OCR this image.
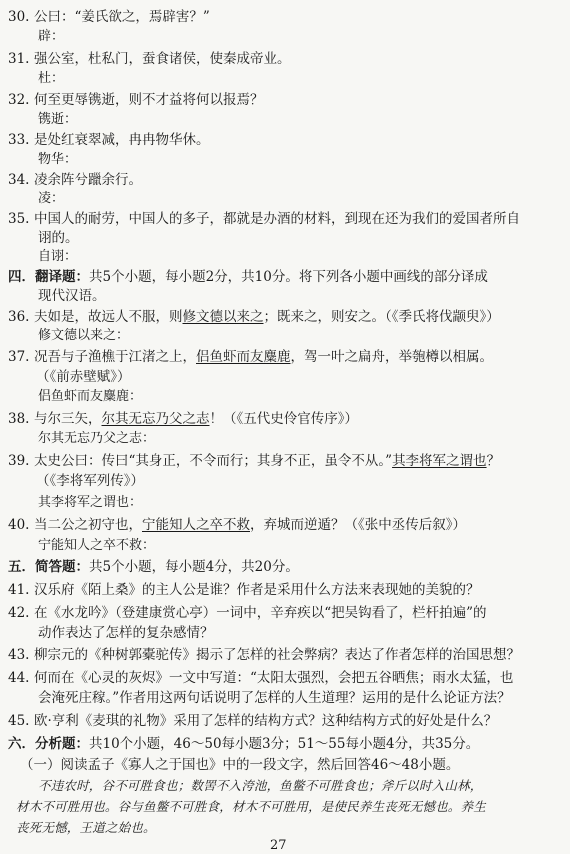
30. 公曰：“姜氏欲之，焉辟害？”
辟：
31. 强公室，杜私门，蚕食诸侯，使秦成帝业。
杜：
32. 何至更辱镌逝，则不才益将何以报焉？
镌逝：
33. 是处红衰翠减，冉冉物华休。
物华：
34. 凌余阵兮躐余行。
凌：
35. 中国人的耐劳，中国人的多子，都就是办酒的材料，到现在还为我们的爱国者所自
诩的。
自诩：
四．翻译题：共5个小题，每小题2分，共10分。将下列各小题中画线的部分译成
现代汉语。
36. 夫如是，故远人不服，则修文德以来之；既来之，则安之。（《季氏将伐颛臾》）
修文德以来之：
37. 况吾与子渔樵于江渚之上，侣鱼虾而友麋鹿，驾一叶之扁舟，举匏樽以相属。
（《前赤壁赋》）
侣鱼虾而友麋鹿：
38. 与尔三矢，尔其无忘乃父之志！（《五代史伶官传序》）
尔其无忘乃父之志：
39. 太史公曰：传曰“其身正，不令而行；其身不正，虽令不从。”其李将军之谓也？
（《李将军列传》）
其李将军之谓也：
40. 当二公之初守也，宁能知人之卒不救，弃城而逆遁？（《张中丞传后叙》）
宁能知人之卒不救：
五．简答题：共5个小题，每小题4分，共20分。
41. 汉乐府《陌上桑》的主人公是谁？作者是采用什么方法来表现她的美貌的？
42. 在《水龙吟》（登建康赏心亭）一词中，辛弃疾以“把吴钩看了，栏杆拍遍”的
动作表达了怎样的复杂感情？
43. 柳宗元的《种树郭橐驼传》揭示了怎样的社会弊病？表达了作者怎样的治国思想？
44. 何而在《心灵的灰烬》一文中写道：“太阳太强烈，会把五谷晒焦；雨水太猛，也
会淹死庄稼。”作者用这两句话说明了怎样的人生道理？运用的是什么论证方法？
45. 欧·亨利《麦琪的礼物》采用了怎样的结构方式？这种结构方式的好处是什么？
六．分析题：共10个小题，46～50每小题3分；51～55每小题4分，共35分。
（一）阅读孟子《寡人之于国也》中的一段文字，然后回答46～48小题。
不违农时，谷不可胜食也；数罟不入洿池，鱼鳖不可胜食也；斧斤以时入山林，
材木不可胜用也。谷与鱼鳖不可胜食，材木不可胜用，是使民养生丧死无憾也。养生
丧死无憾，王道之始也。
27
